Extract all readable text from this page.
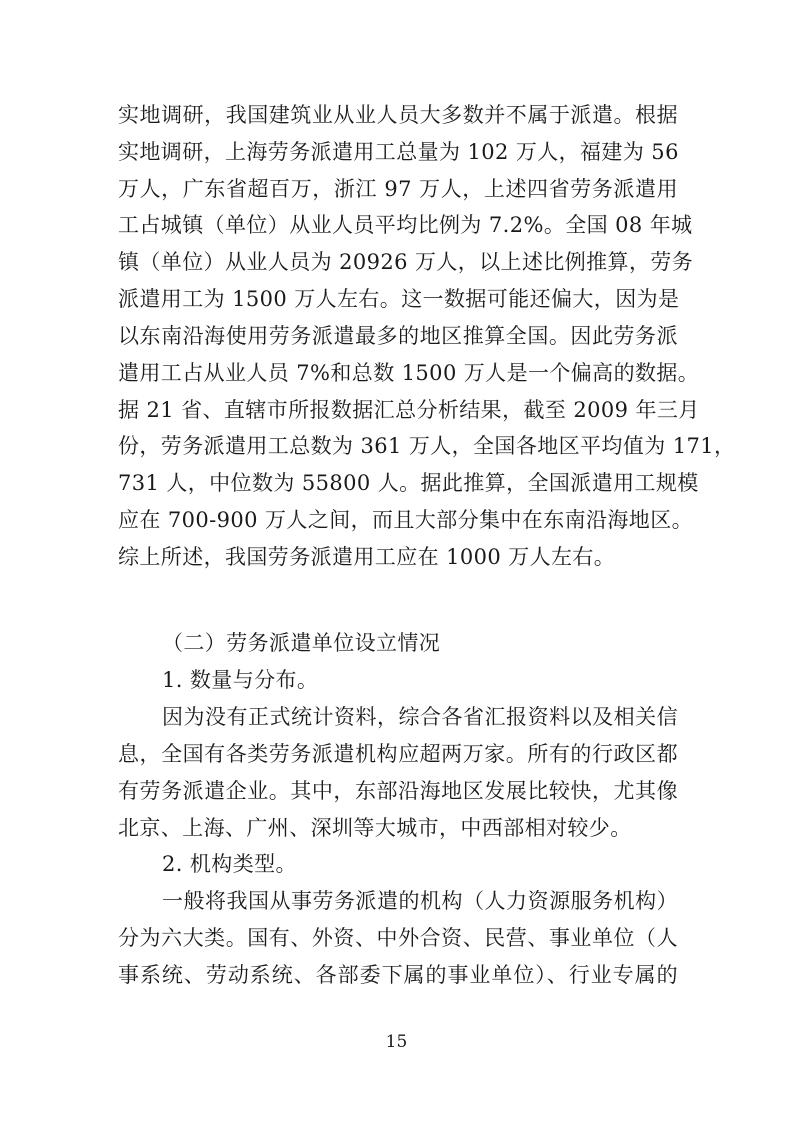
实地调研，我国建筑业从业人员大多数并不属于派遣。根据
实地调研，上海劳务派遣用工总量为 102 万人，福建为 56
万人，广东省超百万，浙江 97 万人，上述四省劳务派遣用
工占城镇（单位）从业人员平均比例为 7.2%。全国 08 年城
镇（单位）从业人员为 20926 万人，以上述比例推算，劳务
派遣用工为 1500 万人左右。这一数据可能还偏大，因为是
以东南沿海使用劳务派遣最多的地区推算全国。因此劳务派
遣用工占从业人员 7%和总数 1500 万人是一个偏高的数据。
据 21 省、直辖市所报数据汇总分析结果，截至 2009 年三月
份，劳务派遣用工总数为 361 万人，全国各地区平均值为 171，
731 人，中位数为 55800 人。据此推算，全国派遣用工规模
应在 700-900 万人之间，而且大部分集中在东南沿海地区。
综上所述，我国劳务派遣用工应在 1000 万人左右。
（二）劳务派遣单位设立情况
1. 数量与分布。
因为没有正式统计资料，综合各省汇报资料以及相关信
息，全国有各类劳务派遣机构应超两万家。所有的行政区都
有劳务派遣企业。其中，东部沿海地区发展比较快，尤其像
北京、上海、广州、深圳等大城市，中西部相对较少。
2. 机构类型。
一般将我国从事劳务派遣的机构（人力资源服务机构）
分为六大类。国有、外资、中外合资、民营、事业单位（人
事系统、劳动系统、各部委下属的事业单位）、行业专属的
15
